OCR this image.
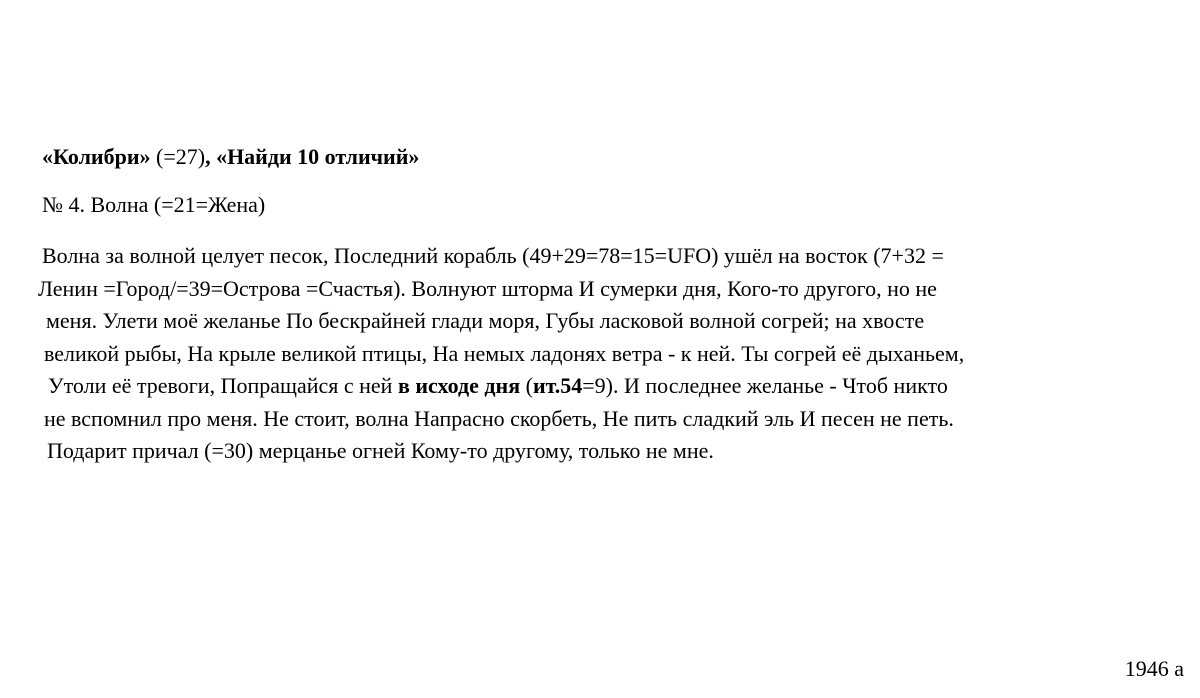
«Колибри» (=27), «Найди 10 отличий»
№ 4. Волна (=21=Жена)
Волна за волной целует песок, Последний корабль (49+29=78=15=UFO) ушёл на восток (7+32 =
Ленин =Город/=39=Острова =Счастья). Волнуют шторма И сумерки дня, Кого-то другого, но не
меня. Улети моё желанье По бескрайней глади моря, Губы ласковой волной согрей; на хвосте
великой рыбы, На крыле великой птицы, На немых ладонях ветра - к ней. Ты согрей её дыханьем,
Утоли её тревоги, Попращайся с ней в исходе дня (ит.54=9). И последнее желанье - Чтоб никто
не вспомнил про меня. Не стоит, волна Напрасно скорбеть, Не пить сладкий эль И песен не петь.
Подарит причал (=30) мерцанье огней Кому-то другому, только не мне.
1946 а
